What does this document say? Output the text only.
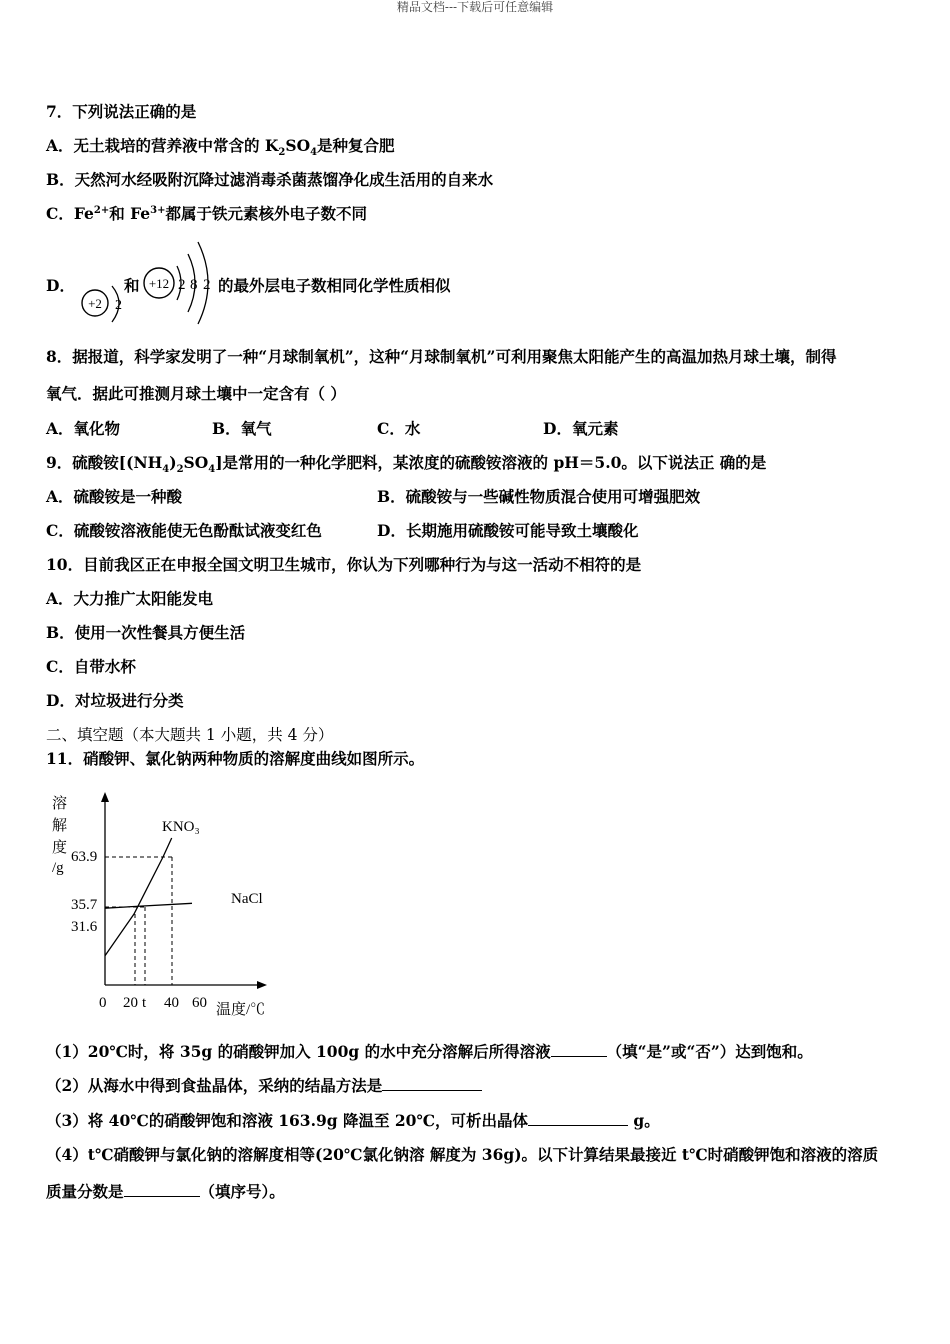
精品文档---下载后可任意编辑
7．下列说法正确的是
A．无土栽培的营养液中常含的 $K_2SO_4$是种复合肥
B．天然河水经吸附沉降过滤消毒杀菌蒸馏净化成生活用的自来水
C．$Fe^{2+}$和 $Fe^{3+}$都属于铁元素核外电子数不同
D．
+2 2
和 +12 2 8 2 的最外层电子数相同化学性质相似
8．据报道，科学家发明了一种“月球制氧机”，这种“月球制氧机”可利用聚焦太阳能产生的高温加热月球土壤，制得
氧气．据此可推测月球土壤中一定含有（ ）
A．氧化物	B．氧气	C．水	D．氧元素
9．硫酸铵$[(NH_4)_2SO_4]$是常用的一种化学肥料，某浓度的硫酸铵溶液的 pH＝5.0。以下说法正 确的是
A．硫酸铵是一种酸	B．硫酸铵与一些碱性物质混合使用可增强肥效
C．硫酸铵溶液能使无色酚酞试液变红色	D．长期施用硫酸铵可能导致土壤酸化
10．目前我区正在申报全国文明卫生城市，你认为下列哪种行为与这一活动不相符的是
A．大力推广太阳能发电
B．使用一次性餐具方便生活
C．自带水杯
D．对垃圾进行分类
二、填空题（本大题共 1 小题，共 4 分）
11．硝酸钾、氯化钠两种物质的溶解度曲线如图所示。
溶
解
度
/g
KNO₃
NaCl
63.9
35.7
31.6
0 20 t 40 60 温度/℃
（1）20℃时，将 35g 的硝酸钾加入 100g 的水中充分溶解后所得溶液	（填“是”或“否”）达到饱和。
（2）从海水中得到食盐晶体，采纳的结晶方法是
（3）将 40℃的硝酸钾饱和溶液 163.9g 降温至 20℃，可析出晶体	g。
（4）t℃硝酸钾与氯化钠的溶解度相等(20℃氯化钠溶 解度为 36g)。以下计算结果最接近 t℃时硝酸钾饱和溶液的溶质
质量分数是	（填序号）。
